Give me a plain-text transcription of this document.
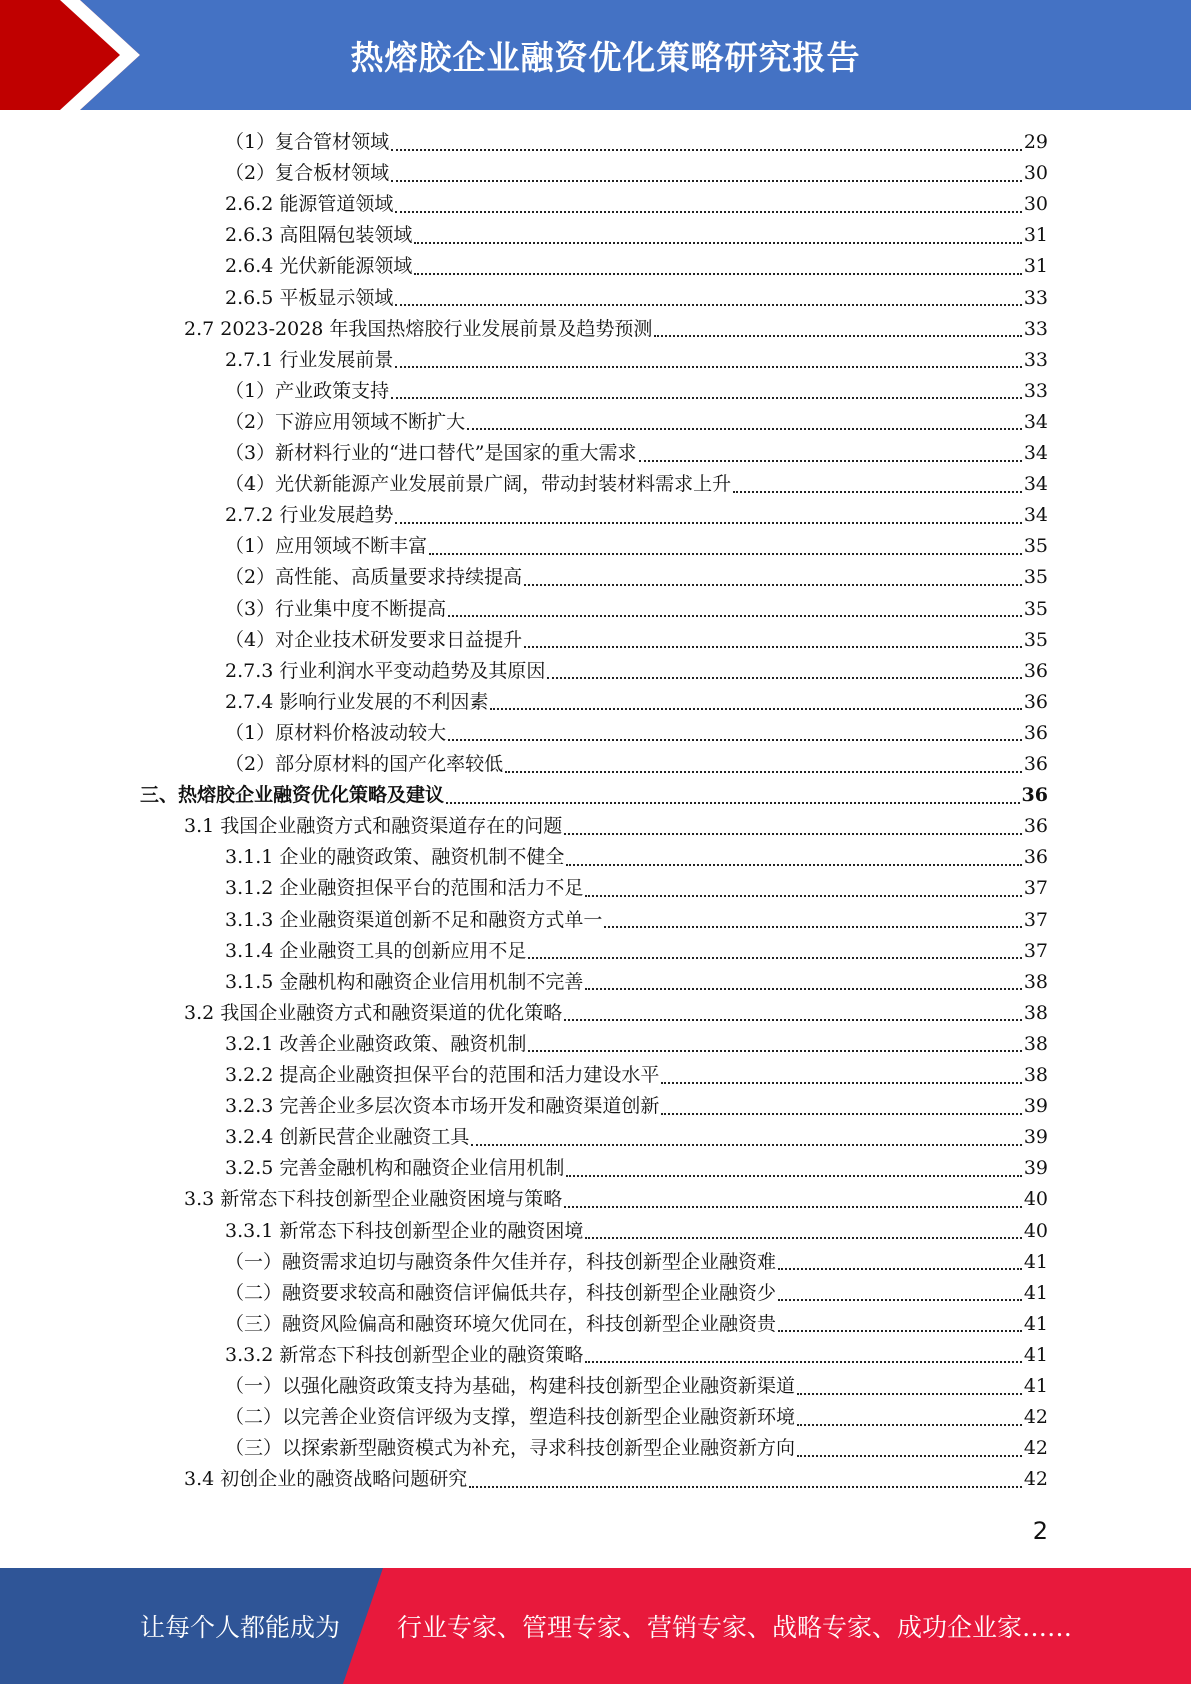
热熔胶企业融资优化策略研究报告
（1）复合管材领域	29
（2）复合板材领域	30
2.6.2 能源管道领域	30
2.6.3 高阻隔包装领域	31
2.6.4 光伏新能源领域	31
2.6.5 平板显示领域	33
2.7 2023-2028 年我国热熔胶行业发展前景及趋势预测	33
2.7.1 行业发展前景	33
（1）产业政策支持	33
（2）下游应用领域不断扩大	34
（3）新材料行业的“进口替代”是国家的重大需求	34
（4）光伏新能源产业发展前景广阔，带动封装材料需求上升	34
2.7.2 行业发展趋势	34
（1）应用领域不断丰富	35
（2）高性能、高质量要求持续提高	35
（3）行业集中度不断提高	35
（4）对企业技术研发要求日益提升	35
2.7.3 行业利润水平变动趋势及其原因	36
2.7.4 影响行业发展的不利因素	36
（1）原材料价格波动较大	36
（2）部分原材料的国产化率较低	36
三、热熔胶企业融资优化策略及建议	36
3.1 我国企业融资方式和融资渠道存在的问题	36
3.1.1 企业的融资政策、融资机制不健全	36
3.1.2 企业融资担保平台的范围和活力不足	37
3.1.3 企业融资渠道创新不足和融资方式单一	37
3.1.4 企业融资工具的创新应用不足	37
3.1.5 金融机构和融资企业信用机制不完善	38
3.2 我国企业融资方式和融资渠道的优化策略	38
3.2.1 改善企业融资政策、融资机制	38
3.2.2 提高企业融资担保平台的范围和活力建设水平	38
3.2.3 完善企业多层次资本市场开发和融资渠道创新	39
3.2.4 创新民营企业融资工具	39
3.2.5 完善金融机构和融资企业信用机制	39
3.3 新常态下科技创新型企业融资困境与策略	40
3.3.1 新常态下科技创新型企业的融资困境	40
（一）融资需求迫切与融资条件欠佳并存，科技创新型企业融资难	41
（二）融资要求较高和融资信评偏低共存，科技创新型企业融资少	41
（三）融资风险偏高和融资环境欠优同在，科技创新型企业融资贵	41
3.3.2 新常态下科技创新型企业的融资策略	41
（一）以强化融资政策支持为基础，构建科技创新型企业融资新渠道	41
（二）以完善企业资信评级为支撑，塑造科技创新型企业融资新环境	42
（三）以探索新型融资模式为补充，寻求科技创新型企业融资新方向	42
3.4 初创企业的融资战略问题研究	42
2
让每个人都能成为 行业专家、管理专家、营销专家、战略专家、成功企业家……
